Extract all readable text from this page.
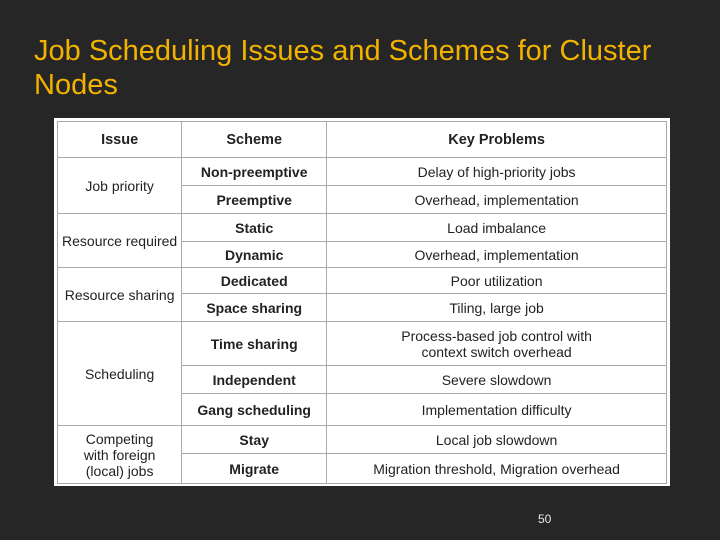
Job Scheduling Issues and Schemes for Cluster Nodes
Issue	Scheme	Key Problems
Job priority	Non-preemptive	Delay of high-priority jobs
	Preemptive	Overhead, implementation
Resource required	Static	Load imbalance
	Dynamic	Overhead, implementation
Resource sharing	Dedicated	Poor utilization
	Space sharing	Tiling, large job
Scheduling	Time sharing	Process-based job control with context switch overhead
	Independent	Severe slowdown
	Gang scheduling	Implementation difficulty
Competing with foreign (local) jobs	Stay	Local job slowdown
	Migrate	Migration threshold, Migration overhead
50
